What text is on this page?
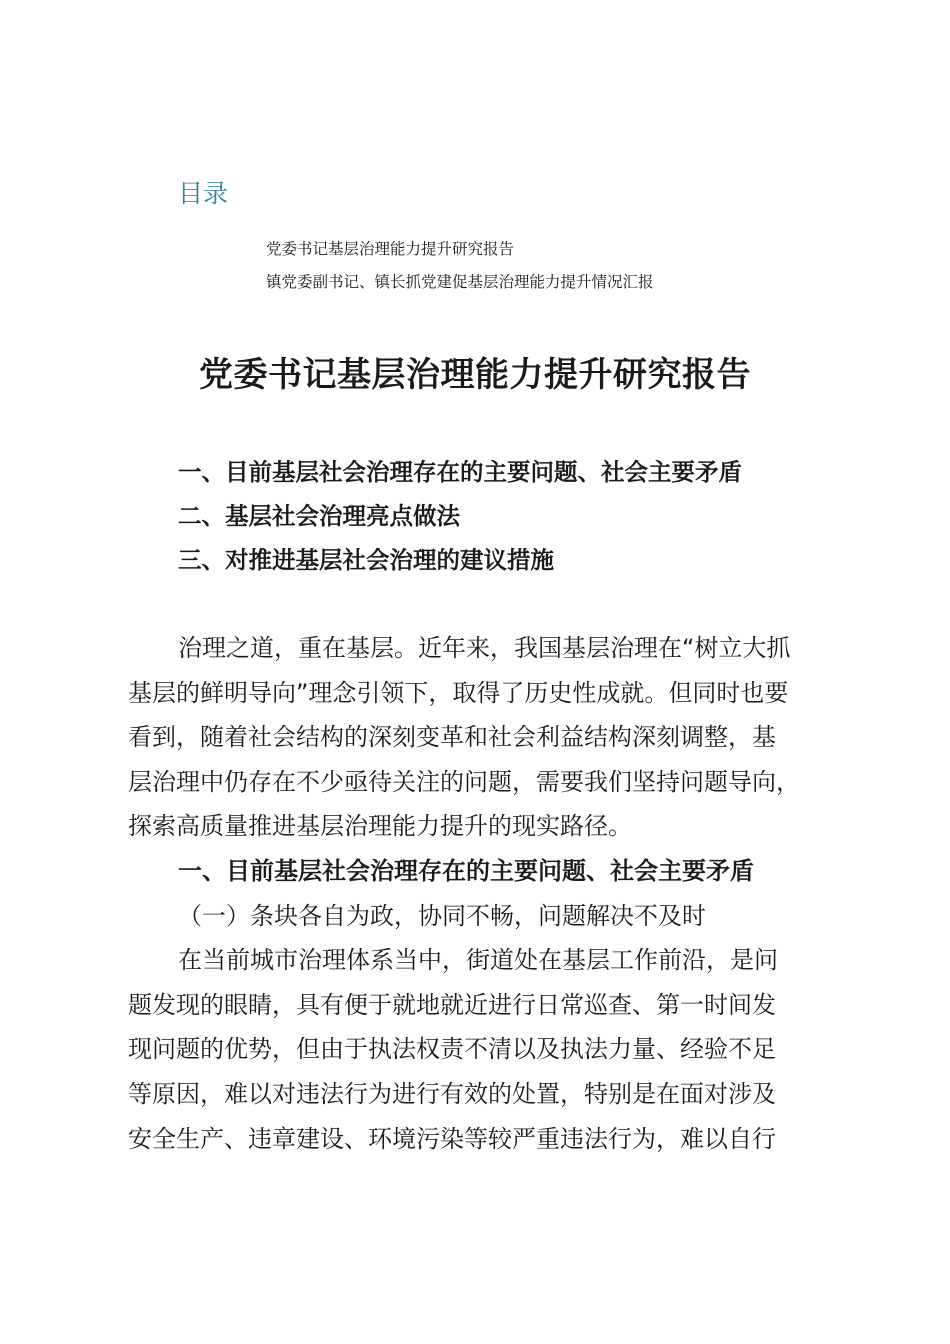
目录
党委书记基层治理能力提升研究报告
镇党委副书记、镇长抓党建促基层治理能力提升情况汇报
党委书记基层治理能力提升研究报告
一、目前基层社会治理存在的主要问题、社会主要矛盾
二、基层社会治理亮点做法
三、对推进基层社会治理的建议措施
治理之道，重在基层。近年来，我国基层治理在“树立大抓
基层的鲜明导向”理念引领下，取得了历史性成就。但同时也要
看到，随着社会结构的深刻变革和社会利益结构深刻调整，基
层治理中仍存在不少亟待关注的问题，需要我们坚持问题导向，
探索高质量推进基层治理能力提升的现实路径。
一、目前基层社会治理存在的主要问题、社会主要矛盾
（一）条块各自为政，协同不畅，问题解决不及时
在当前城市治理体系当中，街道处在基层工作前沿，是问
题发现的眼睛，具有便于就地就近进行日常巡查、第一时间发
现问题的优势，但由于执法权责不清以及执法力量、经验不足
等原因，难以对违法行为进行有效的处置，特别是在面对涉及
安全生产、违章建设、环境污染等较严重违法行为，难以自行
